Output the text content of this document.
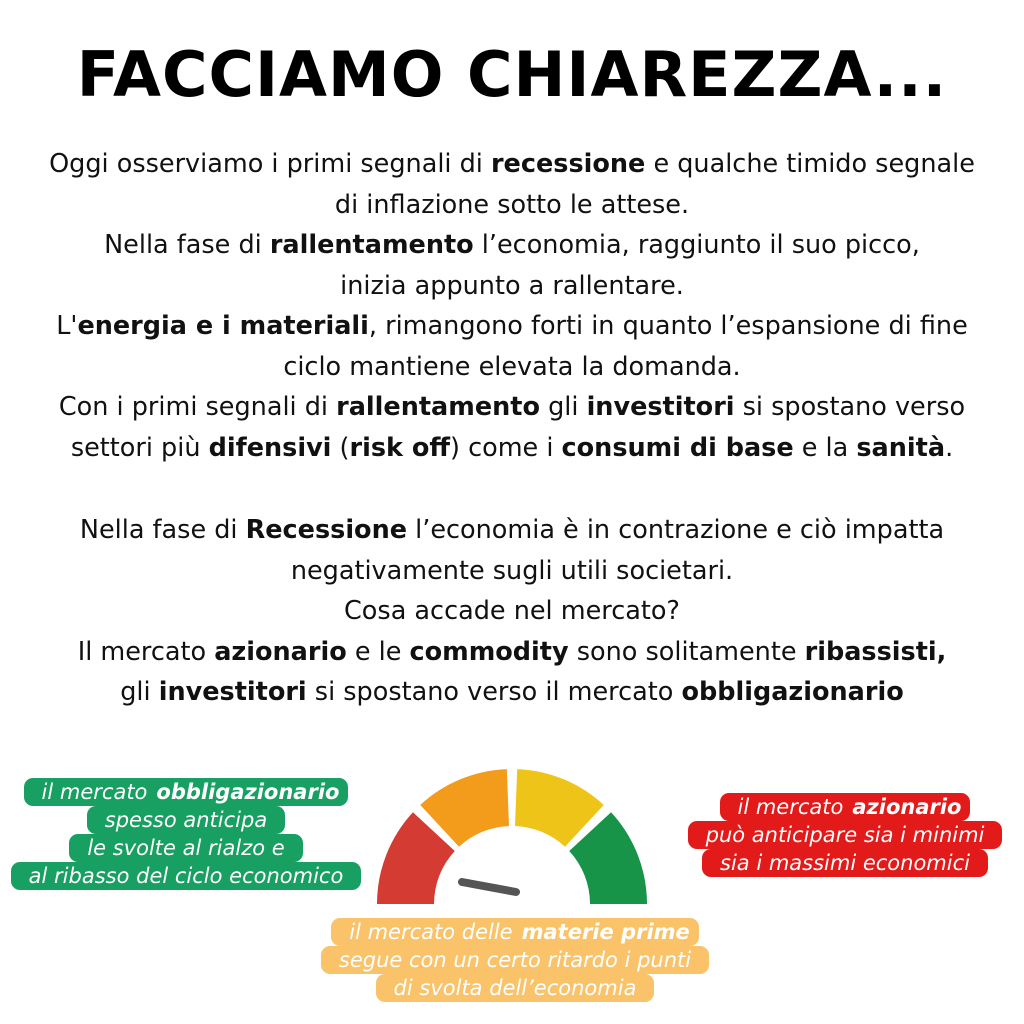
FACCIAMO CHIAREZZA...
Oggi osserviamo i primi segnali di recessione e qualche timido segnale
di inflazione sotto le attese.
Nella fase di rallentamento l’economia, raggiunto il suo picco,
inizia appunto a rallentare.
L'energia e i materiali, rimangono forti in quanto l’espansione di fine
ciclo mantiene elevata la domanda.
Con i primi segnali di rallentamento gli investitori si spostano verso
settori più difensivi (risk off) come i consumi di base e la sanità.
Nella fase di Recessione l’economia è in contrazione e ciò impatta
negativamente sugli utili societari.
Cosa accade nel mercato?
Il mercato azionario e le commodity sono solitamente ribassisti,
gli investitori si spostano verso il mercato obbligazionario
il mercatoobbligazionario
spesso anticipa
le svolte al rialzo e
al ribasso del ciclo economico
il mercatoazionario
può anticipare sia i minimi
sia i massimi economici
il mercato dellematerie prime
segue con un certo ritardo i punti
di svolta dell’economia
